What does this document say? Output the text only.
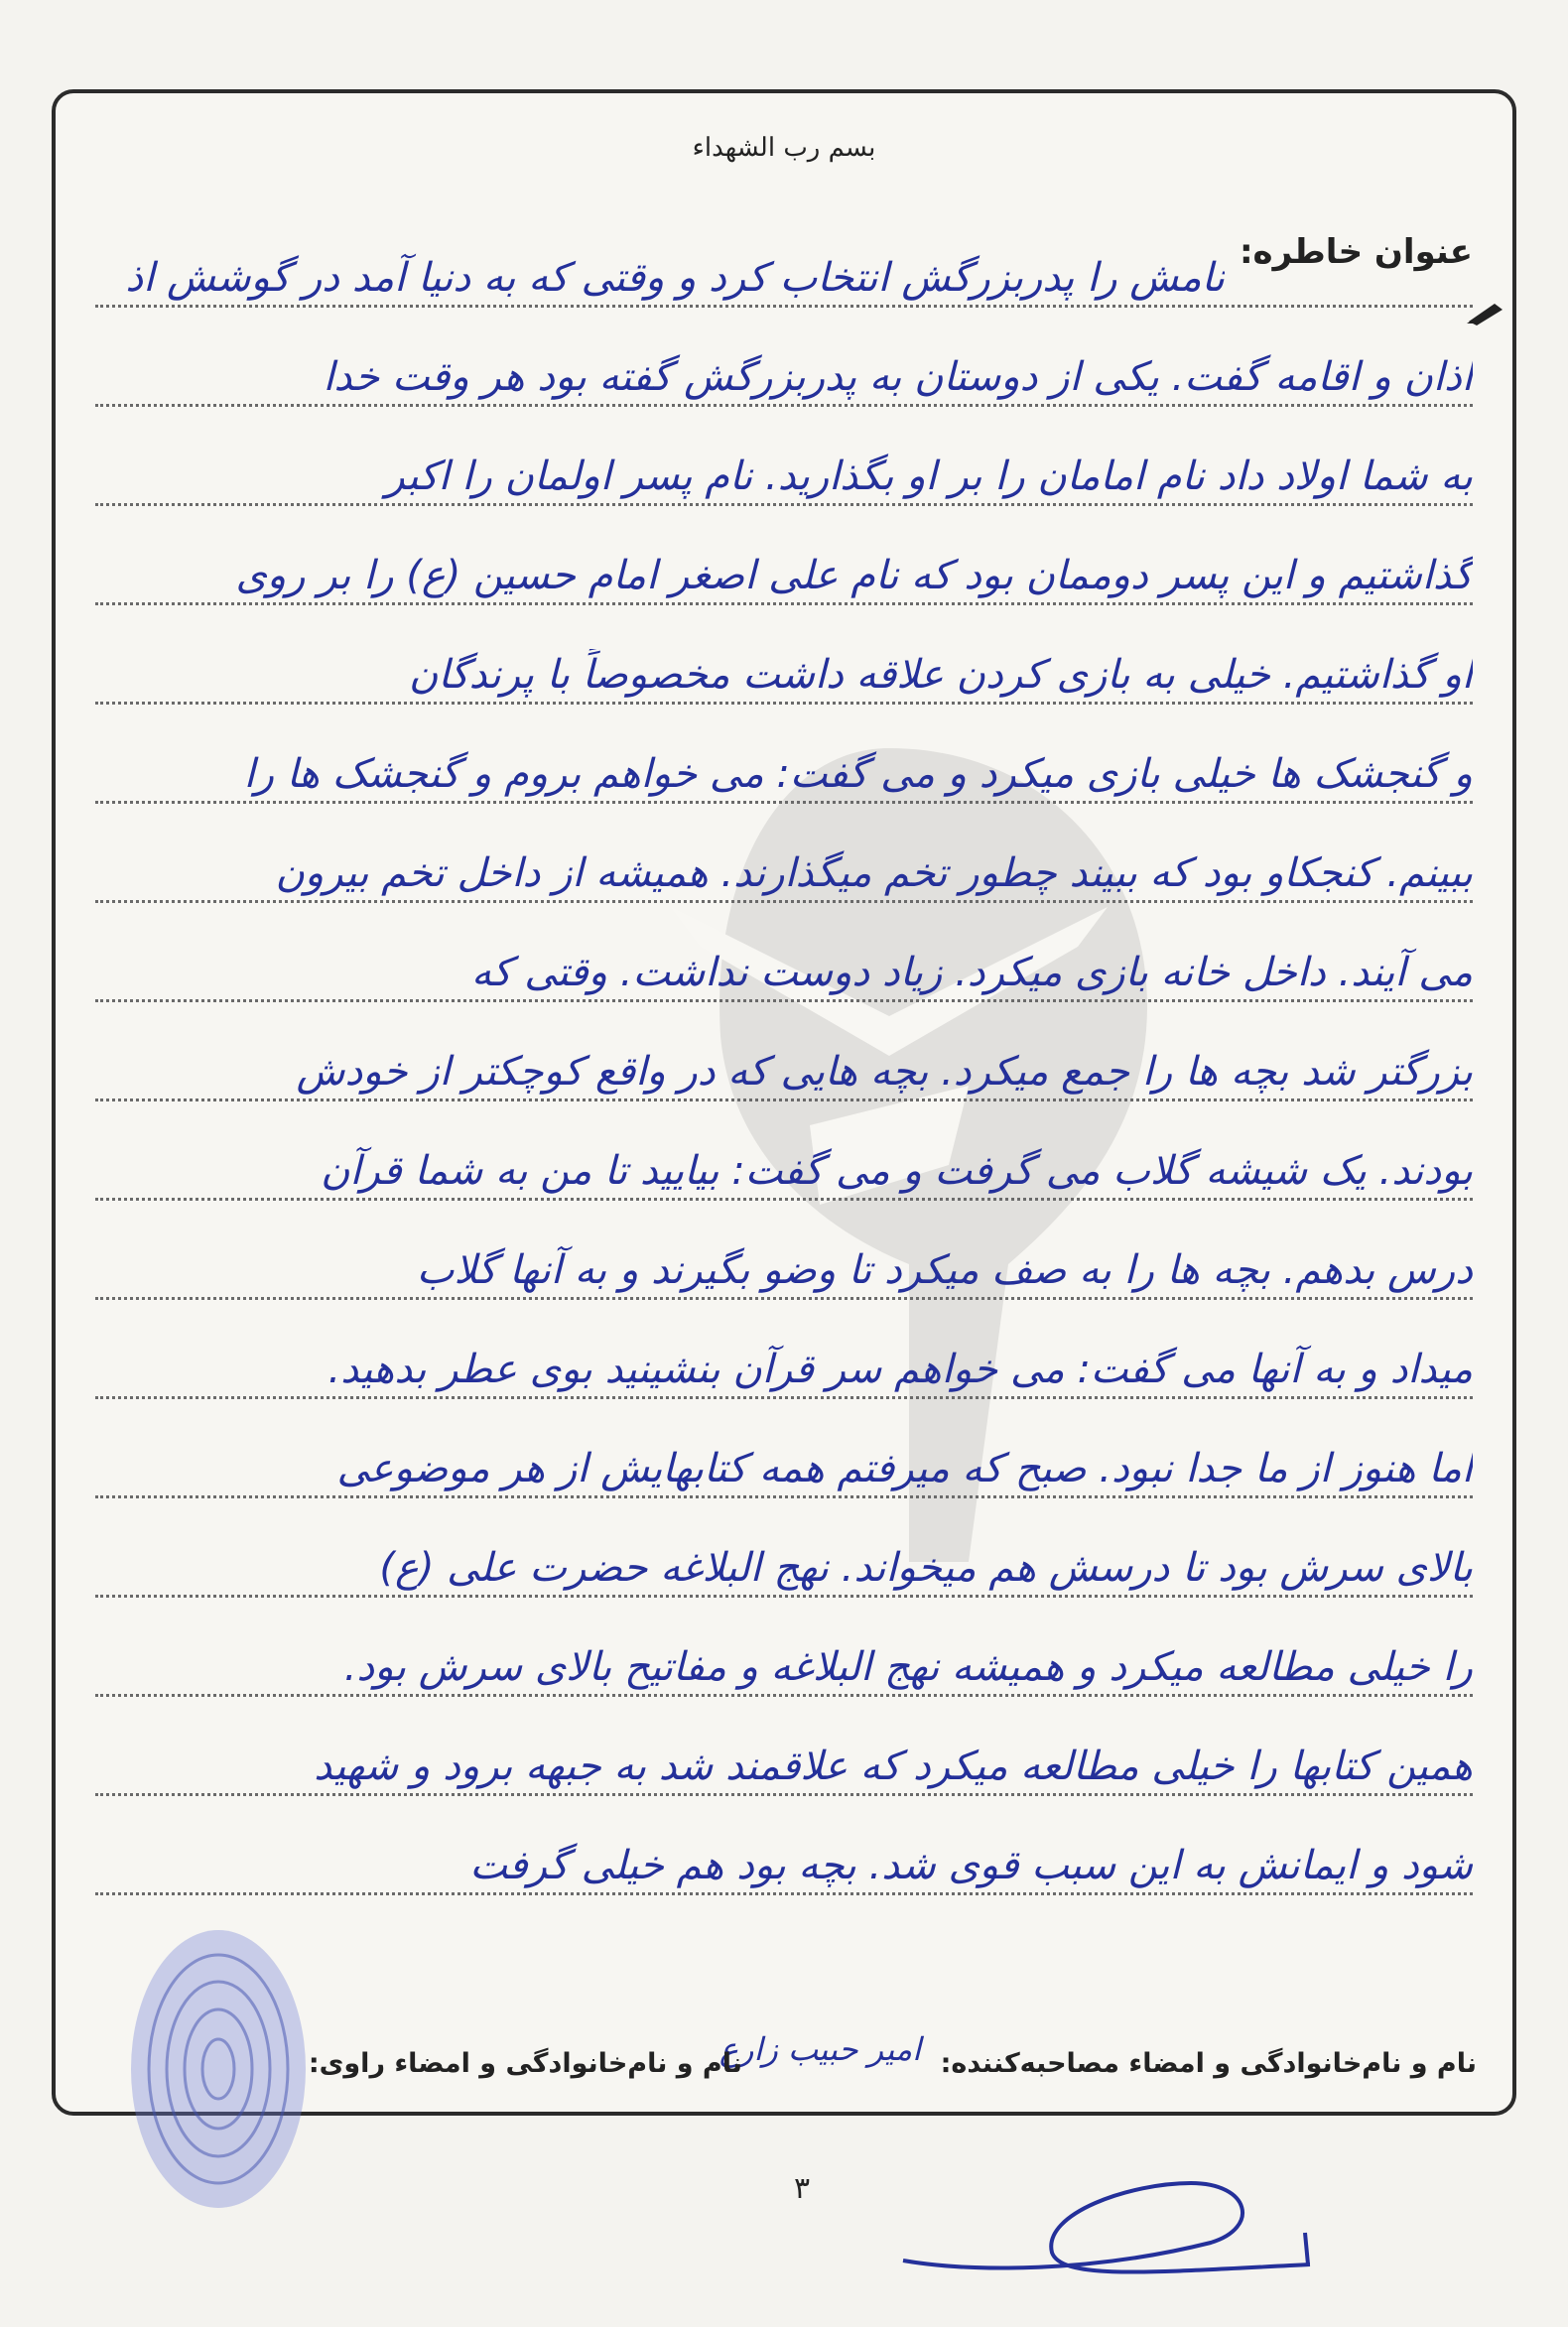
بسم رب الشهداء
عنوان خاطره:
نامش را پدربزرگش انتخاب کرد و وقتی که به دنیا آمد در گوشش اذ
اذان و اقامه گفت. یکی از دوستان به پدربزرگش گفته بود هر وقت خدا
به شما اولاد داد نام امامان را بر او بگذارید. نام پسر اولمان را اکبر
گذاشتیم و این پسر دوممان بود که نام علی اصغر امام حسین (ع) را بر روی
او گذاشتیم. خیلی به بازی کردن علاقه داشت مخصوصاً با پرندگان
و گنجشک ها خیلی بازی میکرد و می گفت: می خواهم بروم و گنجشک ها را
ببینم. کنجکاو بود که ببیند چطور تخم میگذارند. همیشه از داخل تخم بیرون
می آیند. داخل خانه بازی میکرد. زیاد دوست نداشت. وقتی که
بزرگتر شد بچه ها را جمع میکرد. بچه هایی که در واقع کوچکتر از خودش
بودند. یک شیشه گلاب می گرفت و می گفت: بیایید تا من به شما قرآن
درس بدهم. بچه ها را به صف میکرد تا وضو بگیرند و به آنها گلاب
میداد و به آنها می گفت: می خواهم سر قرآن بنشینید بوی عطر بدهید.
اما هنوز از ما جدا نبود. صبح که میرفتم همه کتابهایش از هر موضوعی
بالای سرش بود تا درسش هم میخواند. نهج البلاغه حضرت علی (ع)
را خیلی مطالعه میکرد و همیشه نهج البلاغه و مفاتیح بالای سرش بود.
همین کتابها را خیلی مطالعه میکرد که علاقمند شد به جبهه برود و شهید
شود و ایمانش به این سبب قوی شد. بچه بود هم خیلی گرفت
نام و نام‌خانوادگی و امضاء مصاحبه‌کننده:
امیر حبیب زارع
نام و نام‌خانوادگی و امضاء راوی:
۳
